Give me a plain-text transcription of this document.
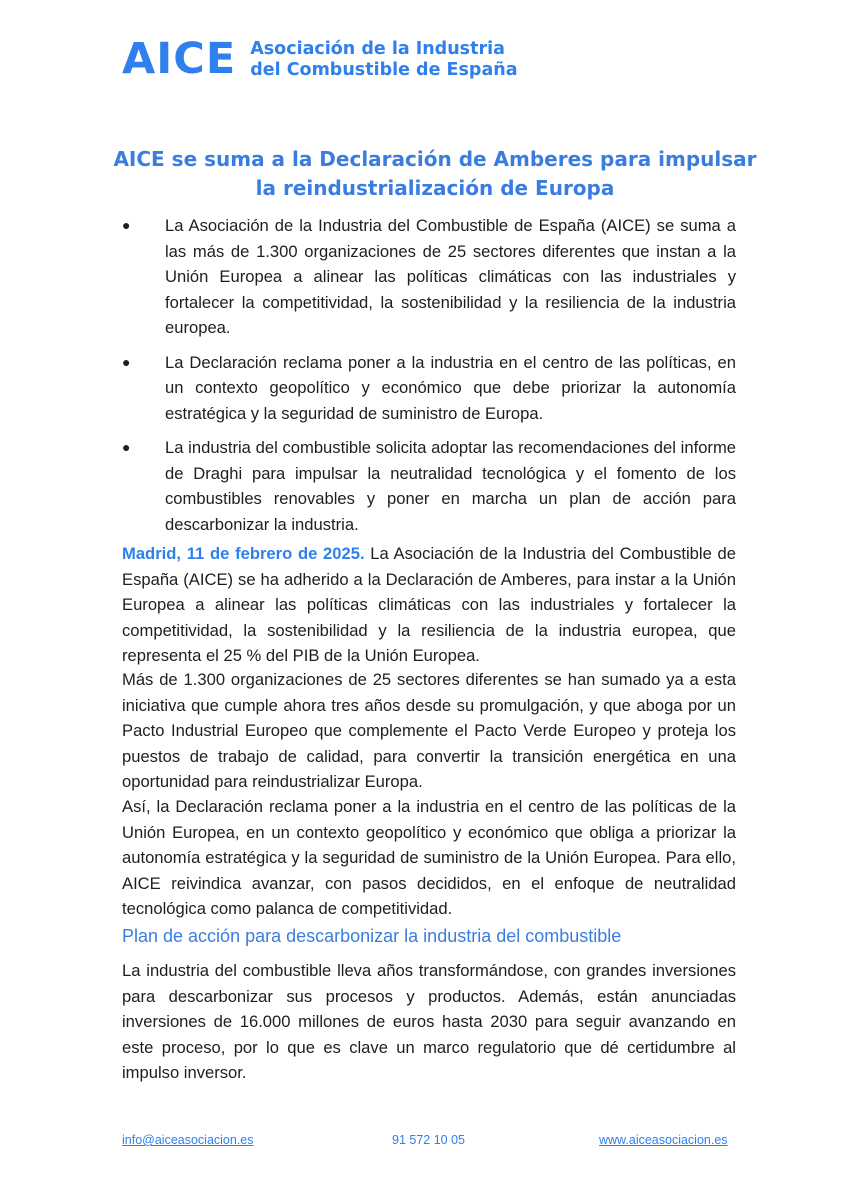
AICE Asociación de la Industria
del Combustible de España
AICE se suma a la Declaración de Amberes para impulsar la reindustrialización de Europa
● La Asociación de la Industria del Combustible de España (AICE) se suma a las más de 1.300 organizaciones de 25 sectores diferentes que instan a la Unión Europea a alinear las políticas climáticas con las industriales y fortalecer la competitividad, la sostenibilidad y la resiliencia de la industria europea.
● La Declaración reclama poner a la industria en el centro de las políticas, en un contexto geopolítico y económico que debe priorizar la autonomía estratégica y la seguridad de suministro de Europa.
● La industria del combustible solicita adoptar las recomendaciones del informe de Draghi para impulsar la neutralidad tecnológica y el fomento de los combustibles renovables y poner en marcha un plan de acción para descarbonizar la industria.

Madrid, 11 de febrero de 2025. La Asociación de la Industria del Combustible de España (AICE) se ha adherido a la Declaración de Amberes, para instar a la Unión Europea a alinear las políticas climáticas con las industriales y fortalecer la competitividad, la sostenibilidad y la resiliencia de la industria europea, que representa el 25 % del PIB de la Unión Europea.

Más de 1.300 organizaciones de 25 sectores diferentes se han sumado ya a esta iniciativa que cumple ahora tres años desde su promulgación, y que aboga por un Pacto Industrial Europeo que complemente el Pacto Verde Europeo y proteja los puestos de trabajo de calidad, para convertir la transición energética en una oportunidad para reindustrializar Europa.

Así, la Declaración reclama poner a la industria en el centro de las políticas de la Unión Europea, en un contexto geopolítico y económico que obliga a priorizar la autonomía estratégica y la seguridad de suministro de la Unión Europea. Para ello, AICE reivindica avanzar, con pasos decididos, en el enfoque de neutralidad tecnológica como palanca de competitividad.

Plan de acción para descarbonizar la industria del combustible

La industria del combustible lleva años transformándose, con grandes inversiones para descarbonizar sus procesos y productos. Además, están anunciadas inversiones de 16.000 millones de euros hasta 2030 para seguir avanzando en este proceso, por lo que es clave un marco regulatorio que dé certidumbre al impulso inversor.

info@aiceasociacion.es	91 572 10 05	www.aiceasociacion.es
